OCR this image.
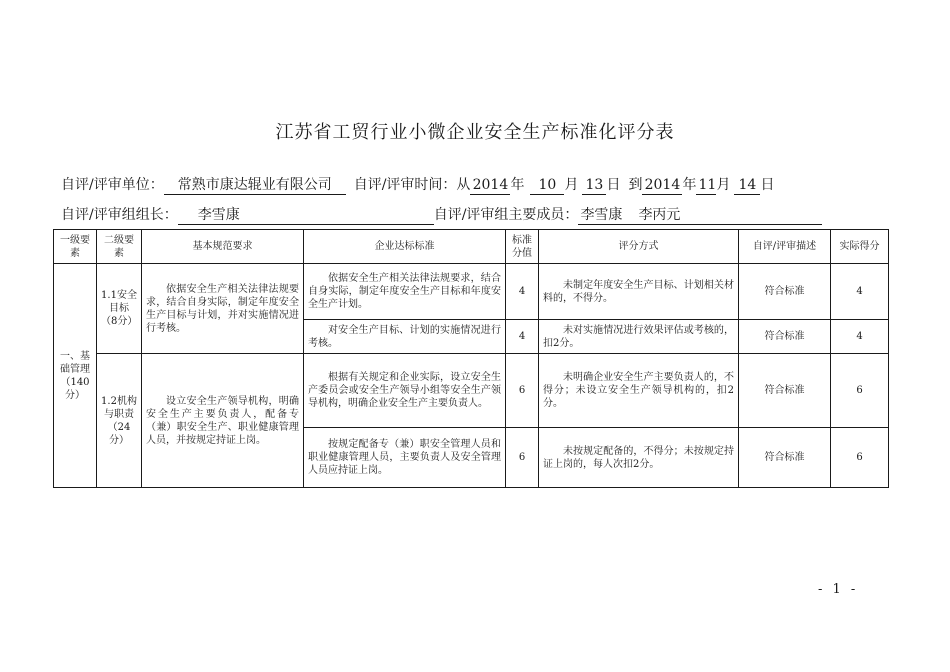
江苏省工贸行业小微企业安全生产标准化评分表
自评/评审单位： 常熟市康达辊业有限公司 自评/评审时间：从 2014 年 10 月 13 日 到 2014 年 11月 14 日
自评/评审组组长： 李雪康	自评/评审组主要成员： 李雪康 李丙元
一级要素	二级要素	基本规范要求	企业达标标准	标准分值	评分方式	自评/评审描述	实际得分
一、基础管理（140分）	1.1安全目标（8分）	依据安全生产相关法律法规要求，结合自身实际，制定年度安全生产目标与计划，并对实施情况进行考核。	依据安全生产相关法律法规要求，结合自身实际，制定年度安全生产目标和年度安全生产计划。	4	未制定年度安全生产目标、计划相关材料的，不得分。	符合标准	4
			对安全生产目标、计划的实施情况进行考核。	4	未对实施情况进行效果评估或考核的，扣2分。	符合标准	4
	1.2机构与职责（24分）	设立安全生产领导机构，明确安全生产主要负责人，配备专（兼）职安全生产、职业健康管理人员，并按规定持证上岗。	根据有关规定和企业实际，设立安全生产委员会或安全生产领导小组等安全生产领导机构，明确企业安全生产主要负责人。	6	未明确企业安全生产主要负责人的，不得分；未设立安全生产领导机构的，扣2分。	符合标准	6
			按规定配备专（兼）职安全管理人员和职业健康管理人员，主要负责人及安全管理人员应持证上岗。	6	未按规定配备的，不得分；未按规定持证上岗的，每人次扣2分。	符合标准	6
- 1 -
